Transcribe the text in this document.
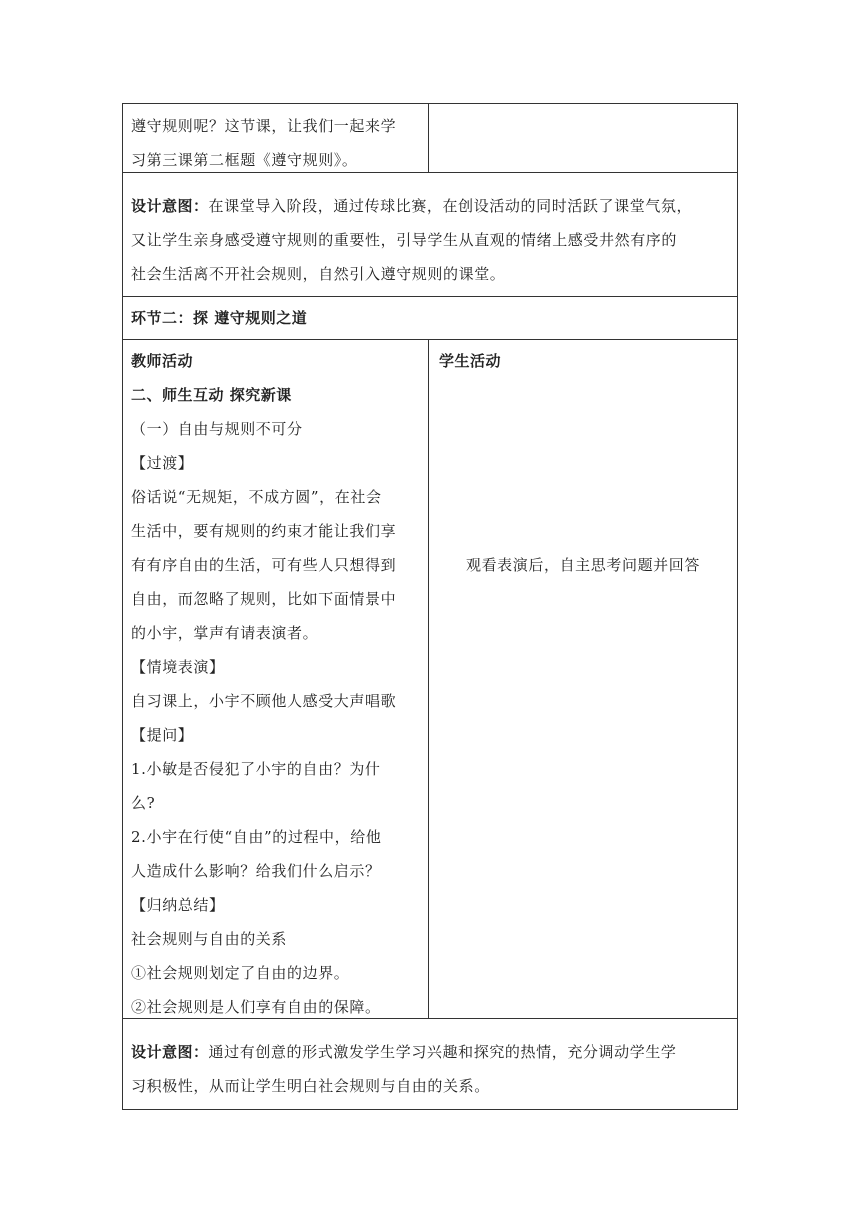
遵守规则呢？这节课，让我们一起来学
习第三课第二框题《遵守规则》。
设计意图：在课堂导入阶段，通过传球比赛，在创设活动的同时活跃了课堂气氛，
又让学生亲身感受遵守规则的重要性，引导学生从直观的情绪上感受井然有序的
社会生活离不开社会规则，自然引入遵守规则的课堂。
环节二：探 遵守规则之道
教师活动
二、师生互动 探究新课
（一）自由与规则不可分
【过渡】
俗话说“无规矩，不成方圆”，在社会
生活中，要有规则的约束才能让我们享
有有序自由的生活，可有些人只想得到
自由，而忽略了规则，比如下面情景中
的小宇，掌声有请表演者。
【情境表演】
自习课上，小宇不顾他人感受大声唱歌
【提问】
1.小敏是否侵犯了小宇的自由？为什
么?
2.小宇在行使“自由”的过程中，给他
人造成什么影响？给我们什么启示？
【归纳总结】
社会规则与自由的关系
①社会规则划定了自由的边界。
②社会规则是人们享有自由的保障。
学生活动
观看表演后，自主思考问题并回答
设计意图：通过有创意的形式激发学生学习兴趣和探究的热情，充分调动学生学
习积极性，从而让学生明白社会规则与自由的关系。
